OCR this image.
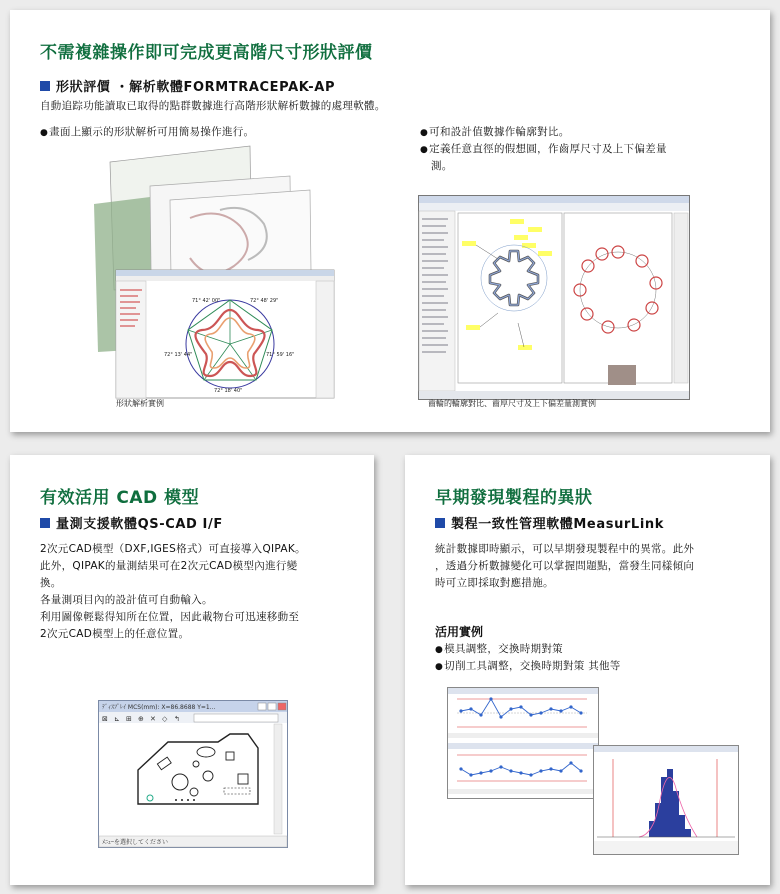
不需複雜操作即可完成更高階尺寸形狀評價
形狀評價 ・解析軟體FORMTRACEPAK-AP
自動追踪功能讀取已取得的點群數據進行高階形狀解析數據的處理軟體。
● 畫面上顯示的形狀解析可用簡易操作進行。
●	可和設計值數據作輪廓對比。
● 定義任意直徑的假想圓，作齒厚尺寸及上下偏差量
測。
71° 42' 00"	72° 48' 29"
72° 13' 44"	71° 59' 16"
72° 18' 40"
形狀解析實例	齒輪的輪廓對比、齒厚尺寸及上下偏差量測實例
有效活用 CAD 模型
量測支援軟體QS-CAD I/F
2次元CAD模型（DXF,IGES格式）可直接導入QIPAK。
此外，QIPAK的量測結果可在2次元CAD模型內進行變
換。
各量測項目內的設計值可自動輸入。
利用圖像輕鬆得知所在位置，因此載物台可迅速移動至
2次元CAD模型上的任意位置。
ﾃﾞｨｽﾌﾟﾚｲ MCS(mm): X=86.8688 Y=1...
⊠ ⊾ ⊞ ⊕ ✕ ◇ ↰
ﾒﾆｭｰを選択してください
早期發現製程的異狀
製程一致性管理軟體MeasurLink
統計數據即時顯示，可以早期發現製程中的異常。此外
，透過分析數據變化可以掌握問題點，當發生同樣傾向
時可立即採取對應措施。
活用實例
● 模具調整，交換時期對策
● 切削工具調整，交換時期對策 其他等
